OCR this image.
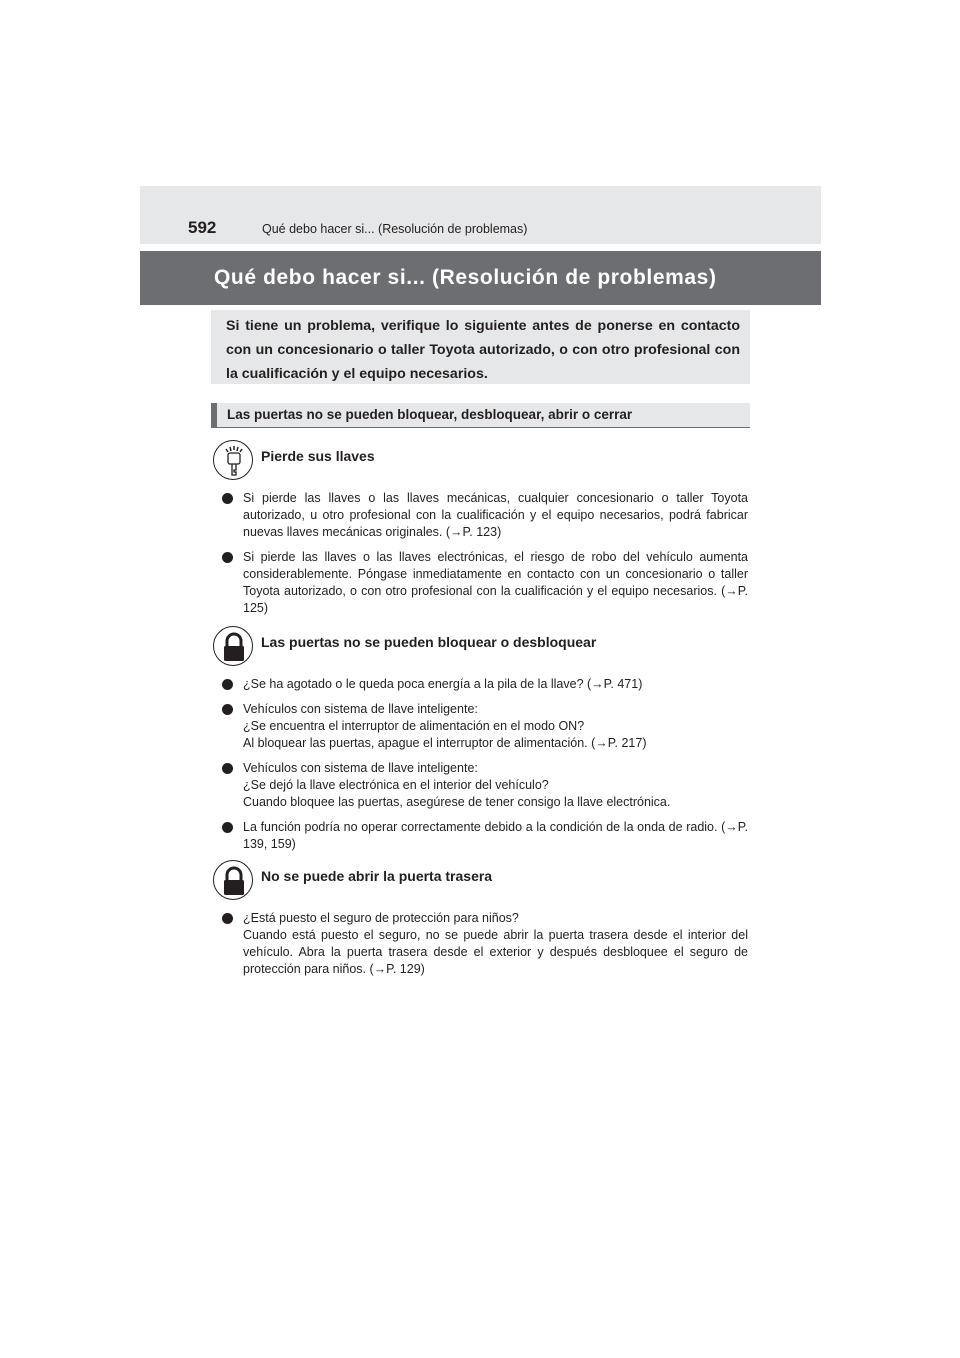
592	Qué debo hacer si... (Resolución de problemas)
Qué debo hacer si... (Resolución de problemas)

Si tiene un problema, verifique lo siguiente antes de ponerse en contacto con un concesionario o taller Toyota autorizado, o con otro profesional con la cualificación y el equipo necesarios.

Las puertas no se pueden bloquear, desbloquear, abrir o cerrar
Pierde sus llaves
Si pierde las llaves o las llaves mecánicas, cualquier concesionario o taller Toyota autorizado, u otro profesional con la cualificación y el equipo necesarios, podrá fabricar nuevas llaves mecánicas originales. (→P. 123)
Si pierde las llaves o las llaves electrónicas, el riesgo de robo del vehículo aumenta considerablemente. Póngase inmediatamente en contacto con un concesionario o taller Toyota autorizado, o con otro profesional con la cualificación y el equipo necesarios. (→P. 125)
Las puertas no se pueden bloquear o desbloquear
¿Se ha agotado o le queda poca energía a la pila de la llave? (→P. 471)
Vehículos con sistema de llave inteligente:
¿Se encuentra el interruptor de alimentación en el modo ON?
Al bloquear las puertas, apague el interruptor de alimentación. (→P. 217)
Vehículos con sistema de llave inteligente:
¿Se dejó la llave electrónica en el interior del vehículo?
Cuando bloquee las puertas, asegúrese de tener consigo la llave electrónica.
La función podría no operar correctamente debido a la condición de la onda de radio. (→P. 139, 159)
No se puede abrir la puerta trasera
¿Está puesto el seguro de protección para niños?
Cuando está puesto el seguro, no se puede abrir la puerta trasera desde el interior del vehículo. Abra la puerta trasera desde el exterior y después desbloquee el seguro de protección para niños. (→P. 129)
